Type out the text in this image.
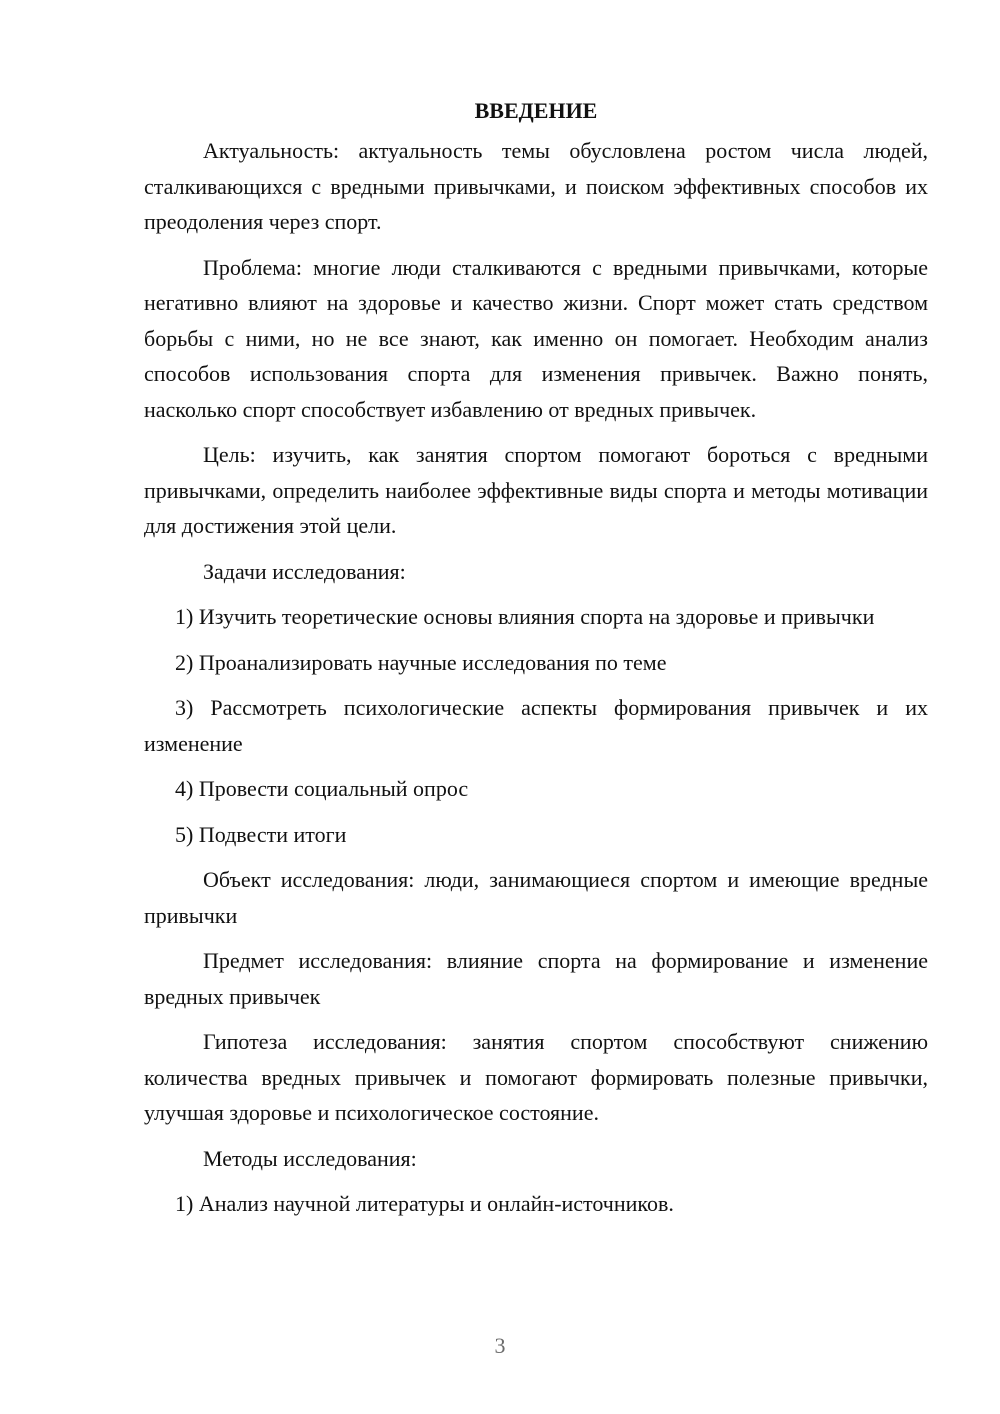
ВВЕДЕНИЕ

Актуальность: актуальность темы обусловлена ростом числа людей, сталкивающихся с вредными привычками, и поиском эффективных способов их преодоления через спорт.

Проблема: многие люди сталкиваются с вредными привычками, которые негативно влияют на здоровье и качество жизни. Спорт может стать средством борьбы с ними, но не все знают, как именно он помогает. Необходим анализ способов использования спорта для изменения привычек. Важно понять, насколько спорт способствует избавлению от вредных привычек.

Цель: изучить, как занятия спортом помогают бороться с вредными привычками, определить наиболее эффективные виды спорта и методы мотивации для достижения этой цели.

Задачи исследования:

1) Изучить теоретические основы влияния спорта на здоровье и привычки

2) Проанализировать научные исследования по теме

3) Рассмотреть психологические аспекты формирования привычек и их изменение

4) Провести социальный опрос

5) Подвести итоги

Объект исследования: люди, занимающиеся спортом и имеющие вредные привычки

Предмет исследования: влияние спорта на формирование и изменение вредных привычек

Гипотеза исследования: занятия спортом способствуют снижению количества вредных привычек и помогают формировать полезные привычки, улучшая здоровье и психологическое состояние.

Методы исследования:

1) Анализ научной литературы и онлайн-источников.

3
